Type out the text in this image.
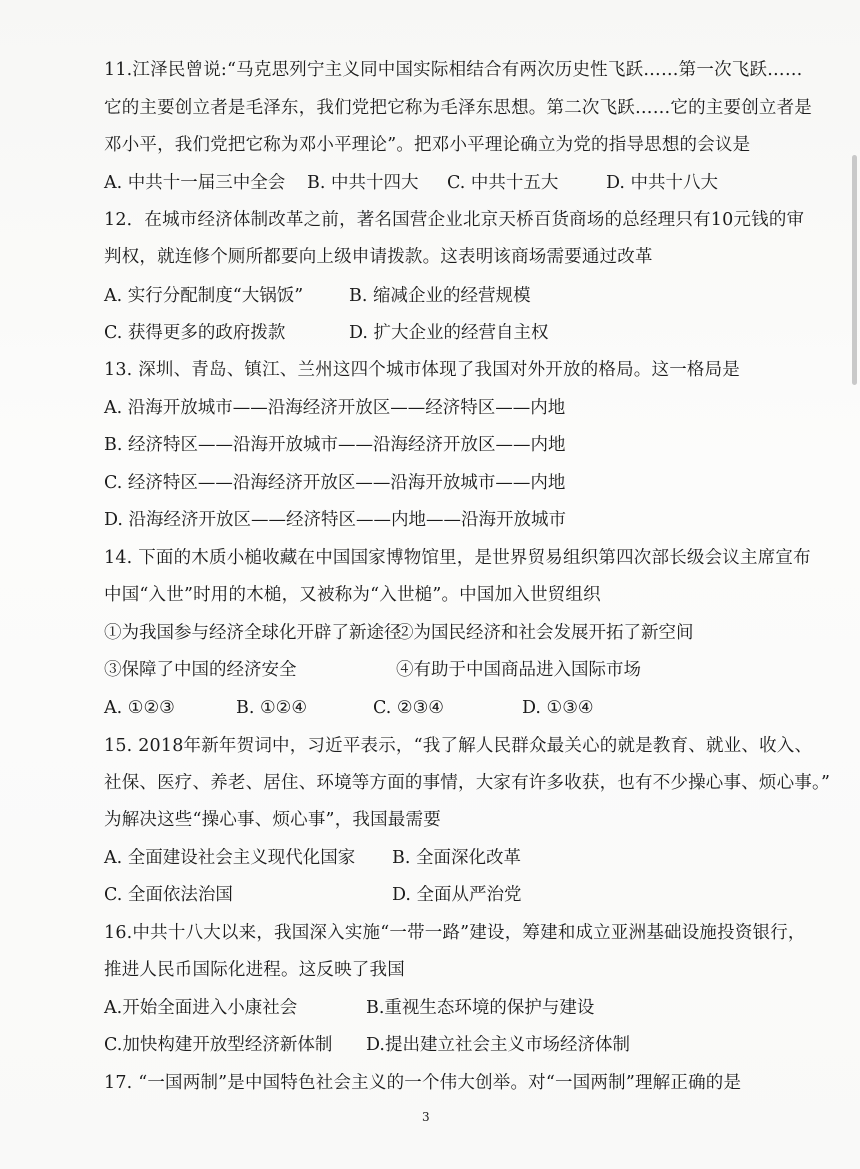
11.江泽民曾说:“马克思列宁主义同中国实际相结合有两次历史性飞跃……第一次飞跃……
它的主要创立者是毛泽东，我们党把它称为毛泽东思想。第二次飞跃……它的主要创立者是
邓小平，我们党把它称为邓小平理论”。把邓小平理论确立为党的指导思想的会议是
A. 中共十一届三中全会 B. 中共十四大 C. 中共十五大	D. 中共十八大
12．在城市经济体制改革之前，著名国营企业北京天桥百货商场的总经理只有10元钱的审
判权，就连修个厕所都要向上级申请拨款。这表明该商场需要通过改革
A. 实行分配制度“大锅饭”	B. 缩减企业的经营规模
C. 获得更多的政府拨款	D. 扩大企业的经营自主权
13. 深圳、青岛、镇江、兰州这四个城市体现了我国对外开放的格局。这一格局是
A. 沿海开放城市——沿海经济开放区——经济特区——内地
B. 经济特区——沿海开放城市——沿海经济开放区——内地
C. 经济特区——沿海经济开放区——沿海开放城市——内地
D. 沿海经济开放区——经济特区——内地——沿海开放城市
14. 下面的木质小槌收藏在中国国家博物馆里，是世界贸易组织第四次部长级会议主席宣布
中国“入世”时用的木槌，又被称为“入世槌”。中国加入世贸组织
①为我国参与经济全球化开辟了新途径
②为国民经济和社会发展开拓了新空间
③保障了中国的经济安全	④有助于中国商品进入国际市场
A. ①②③	B. ①②④	C. ②③④	D. ①③④
15. 2018年新年贺词中，习近平表示，“我了解人民群众最关心的就是教育、就业、收入、
社保、医疗、养老、居住、环境等方面的事情，大家有许多收获，也有不少操心事、烦心事。”
为解决这些“操心事、烦心事”，我国最需要
A. 全面建设社会主义现代化国家 B. 全面深化改革
C. 全面依法治国	D. 全面从严治党
16.中共十八大以来，我国深入实施“一带一路”建设，筹建和成立亚洲基础设施投资银行，
推进人民币国际化进程。这反映了我国
A.开始全面进入小康社会	B.重视生态环境的保护与建设
C.加快构建开放型经济新体制 D.提出建立社会主义市场经济体制
17. “一国两制”是中国特色社会主义的一个伟大创举。对“一国两制”理解正确的是
3
